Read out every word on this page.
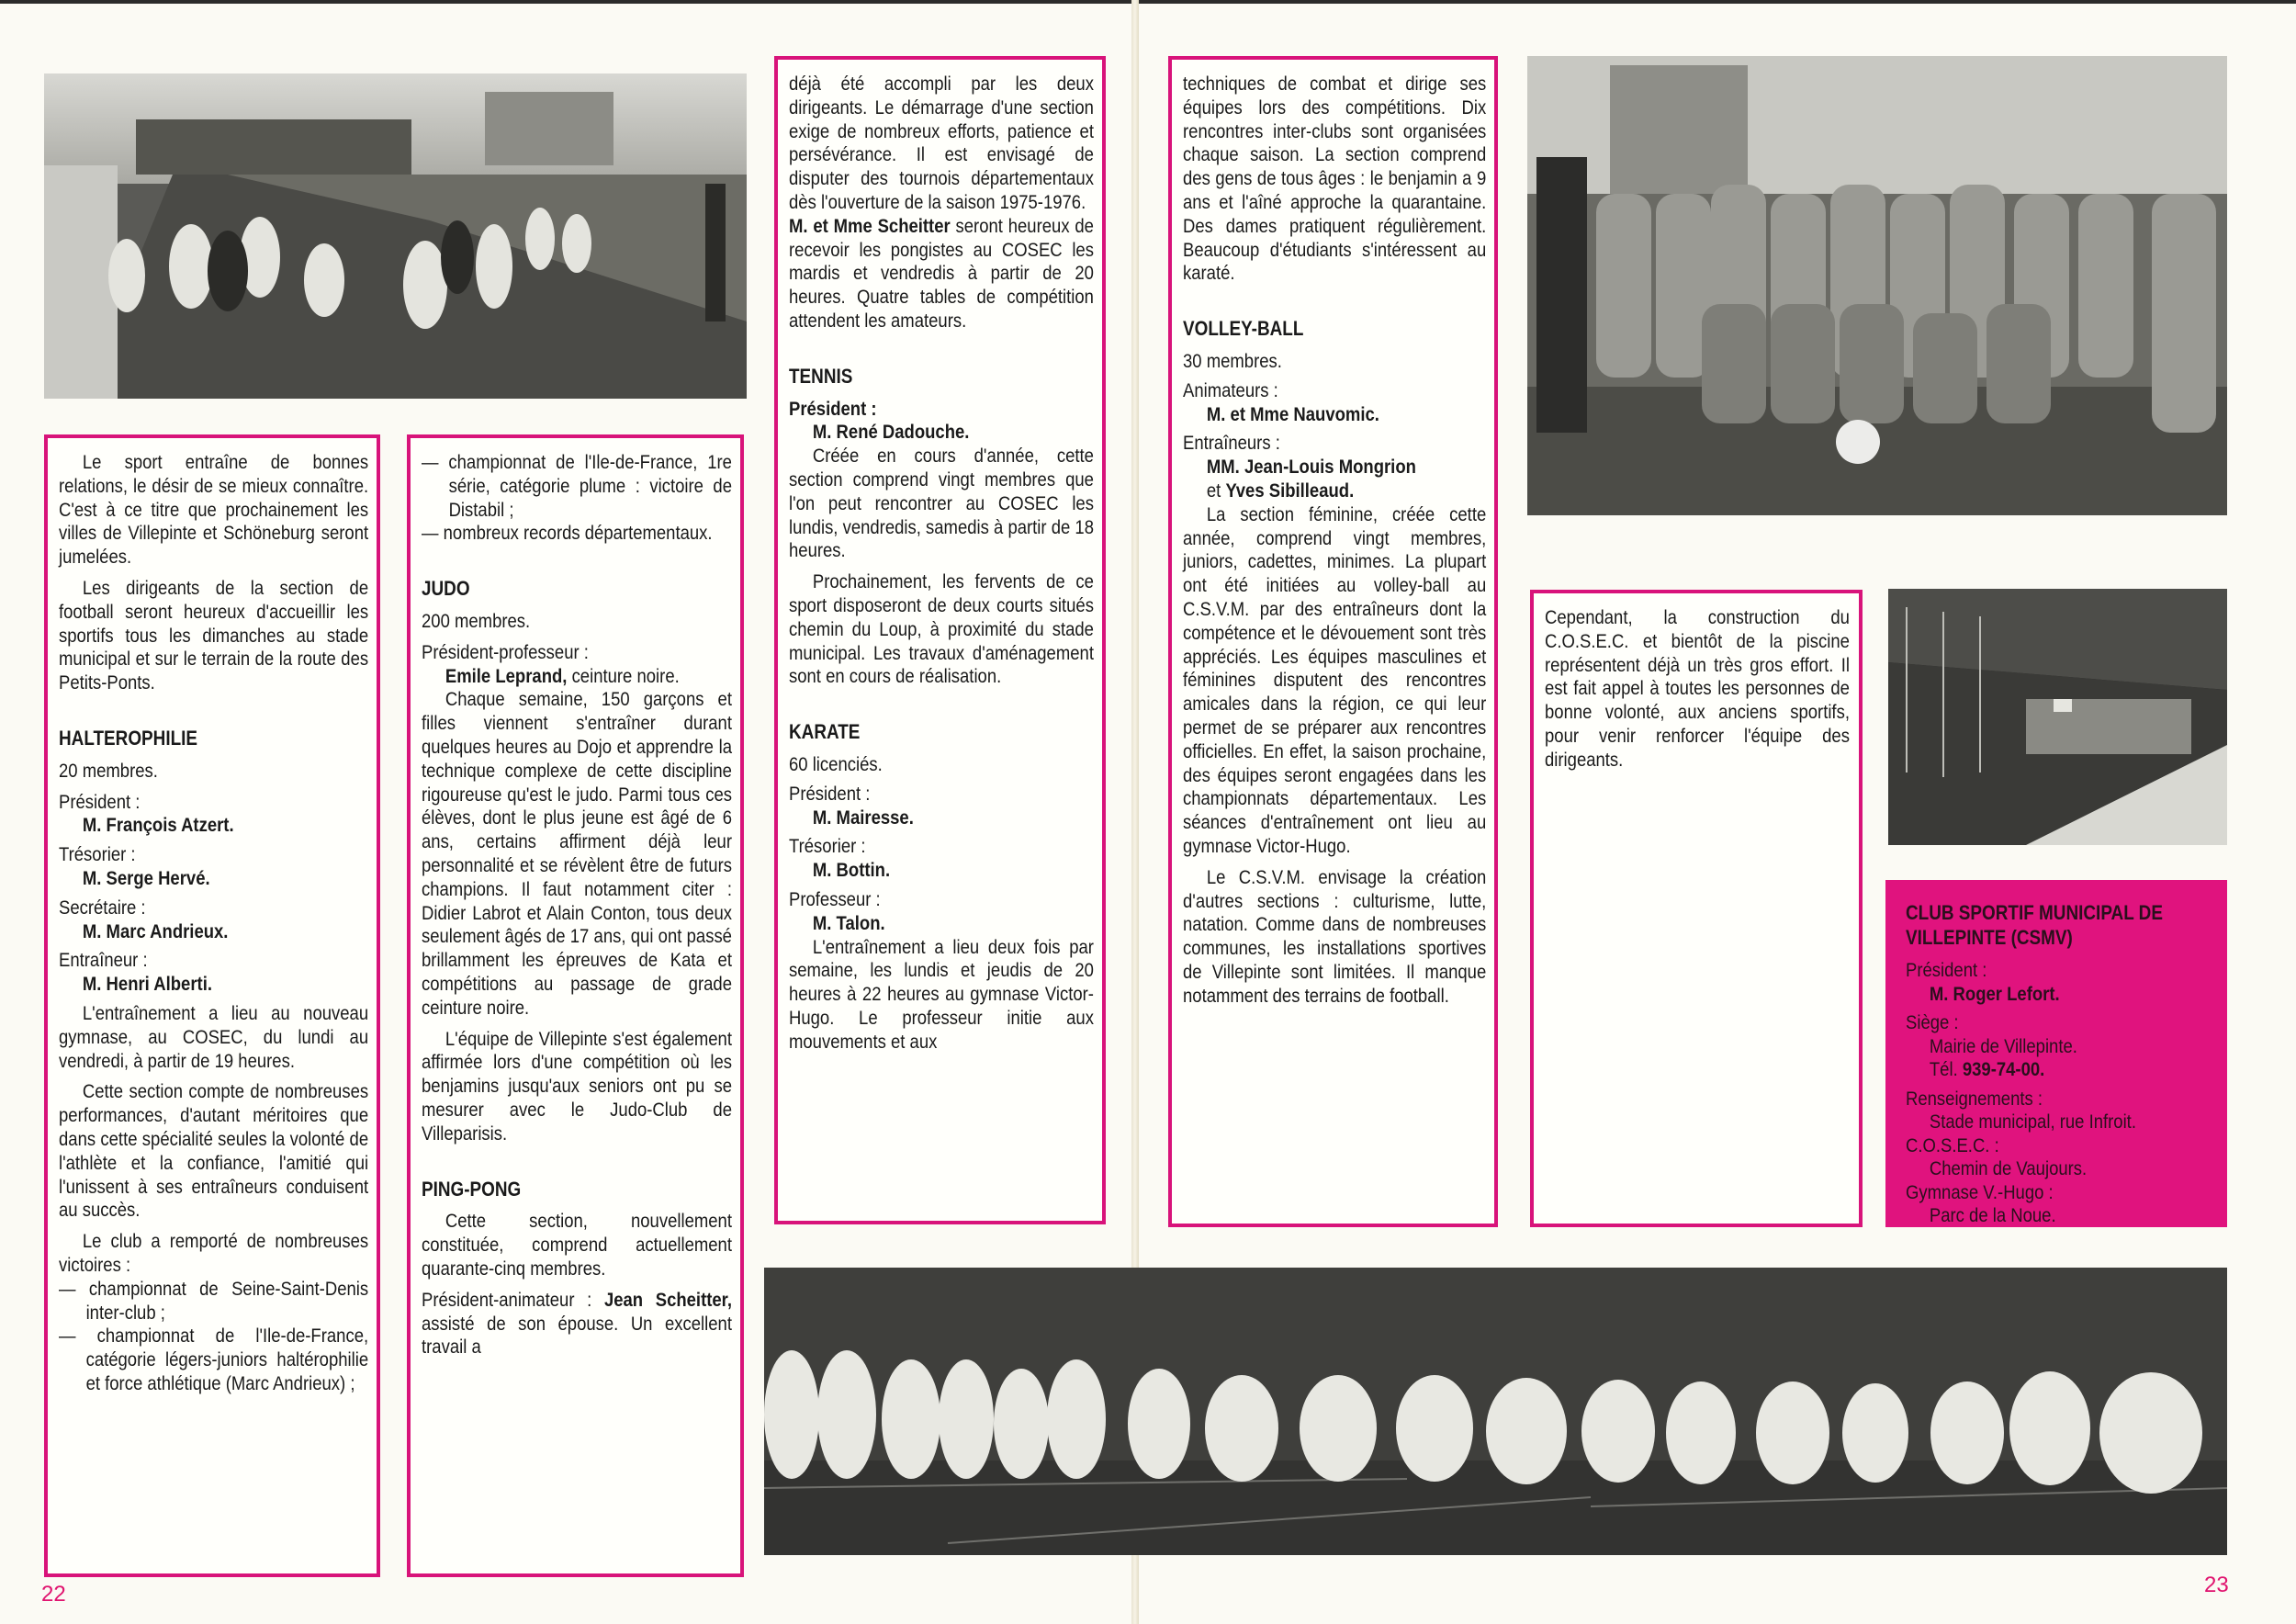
Le sport entraîne de bonnes relations, le désir de se mieux connaître. C'est à ce titre que prochainement les villes de Villepinte et Schöneburg seront jumelées.

Les dirigeants de la section de football seront heureux d'accueillir les sportifs tous les dimanches au stade municipal et sur le terrain de la route des Petits-Ponts.

HALTEROPHILIE

20 membres.

Président :

M. François Atzert.

Trésorier :

M. Serge Hervé.

Secrétaire :

M. Marc Andrieux.

Entraîneur :

M. Henri Alberti.

L'entraînement a lieu au nouveau gymnase, au COSEC, du lundi au vendredi, à partir de 19 heures.

Cette section compte de nombreuses performances, d'autant méritoires que dans cette spécialité seules la volonté de l'athlète et la confiance, l'amitié qui l'unissent à ses entraîneurs conduisent au succès.

Le club a remporté de nombreuses victoires :

— championnat de Seine-Saint-Denis inter-club ;

— championnat de l'Ile-de-France, catégorie légers-juniors haltérophilie et force athlétique (Marc Andrieux) ;

— championnat de l'Ile-de-France, 1re série, catégorie plume : victoire de Distabil ;

— nombreux records départementaux.

JUDO

200 membres.

Président-professeur :

Emile Leprand, ceinture noire.

Chaque semaine, 150 garçons et filles viennent s'entraîner durant quelques heures au Dojo et apprendre la technique complexe de cette discipline rigoureuse qu'est le judo. Parmi tous ces élèves, dont le plus jeune est âgé de 6 ans, certains affirment déjà leur personnalité et se révèlent être de futurs champions. Il faut notamment citer : Didier Labrot et Alain Conton, tous deux seulement âgés de 17 ans, qui ont passé brillamment les épreuves de Kata et compétitions au passage de grade ceinture noire.

L'équipe de Villepinte s'est également affirmée lors d'une compétition où les benjamins jusqu'aux seniors ont pu se mesurer avec le Judo-Club de Villeparisis.

PING-PONG

Cette section, nouvellement constituée, comprend actuellement quarante-cinq membres.

Président-animateur : Jean Scheitter, assisté de son épouse. Un excellent travail a

déjà été accompli par les deux dirigeants. Le démarrage d'une section exige de nombreux efforts, patience et persévérance. Il est envisagé de disputer des tournois départementaux dès l'ouverture de la saison 1975-1976.

M. et Mme Scheitter seront heureux de recevoir les pongistes au COSEC les mardis et vendredis à partir de 20 heures. Quatre tables de compétition attendent les amateurs.

TENNIS

Président :

M. René Dadouche.

Créée en cours d'année, cette section comprend vingt membres que l'on peut rencontrer au COSEC les lundis, vendredis, samedis à partir de 18 heures.

Prochainement, les fervents de ce sport disposeront de deux courts situés chemin du Loup, à proximité du stade municipal. Les travaux d'aménagement sont en cours de réalisation.

KARATE

60 licenciés.

Président :

M. Mairesse.

Trésorier :

M. Bottin.

Professeur :

M. Talon.

L'entraînement a lieu deux fois par semaine, les lundis et jeudis de 20 heures à 22 heures au gymnase Victor-Hugo. Le professeur initie aux mouvements et aux

techniques de combat et dirige ses équipes lors des compétitions. Dix rencontres inter-clubs sont organisées chaque saison. La section comprend des gens de tous âges : le benjamin a 9 ans et l'aîné approche la quarantaine. Des dames pratiquent régulièrement. Beaucoup d'étudiants s'intéressent au karaté.

VOLLEY-BALL

30 membres.

Animateurs :

M. et Mme Nauvomic.

Entraîneurs :

MM. Jean-Louis Mongrion

et Yves Sibilleaud.

La section féminine, créée cette année, comprend vingt membres, juniors, cadettes, minimes. La plupart ont été initiées au volley-ball au C.S.V.M. par des entraîneurs dont la compétence et le dévouement sont très appréciés. Les équipes masculines et féminines disputent des rencontres amicales dans la région, ce qui leur permet de se préparer aux rencontres officielles. En effet, la saison prochaine, des équipes seront engagées dans les championnats départementaux. Les séances d'entraînement ont lieu au gymnase Victor-Hugo.

Le C.S.V.M. envisage la création d'autres sections : culturisme, lutte, natation. Comme dans de nombreuses communes, les installations sportives de Villepinte sont limitées. Il manque notamment des terrains de football.

Cependant, la construction du C.O.S.E.C. et bientôt de la piscine représentent déjà un très gros effort. Il est fait appel à toutes les personnes de bonne volonté, aux anciens sportifs, pour venir renforcer l'équipe des dirigeants.

CLUB SPORTIF MUNICIPAL DE VILLEPINTE (CSMV)

Président :

M. Roger Lefort.

Siège :

Mairie de Villepinte.

Tél. 939-74-00.

Renseignements :

Stade municipal, rue Infroit.

C.O.S.E.C. :

Chemin de Vaujours.

Gymnase V.-Hugo :

Parc de la Noue.

22	23
